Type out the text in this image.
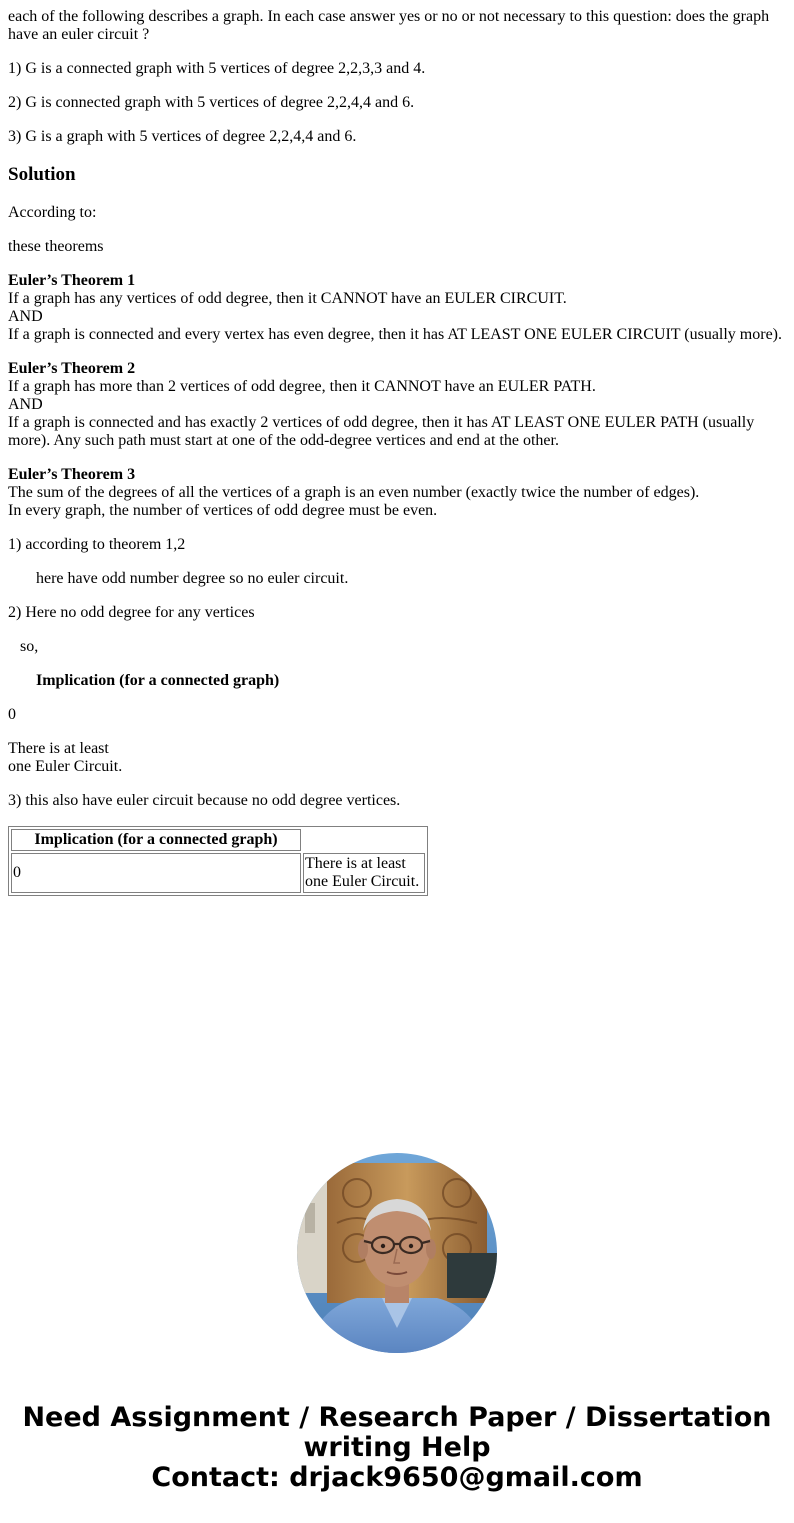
each of the following describes a graph. In each case answer yes or no or not necessary to this question: does the graph have an euler circuit ?

1) G is a connected graph with 5 vertices of degree 2,2,3,3 and 4.

2) G is connected graph with 5 vertices of degree 2,2,4,4 and 6.

3) G is a graph with 5 vertices of degree 2,2,4,4 and 6.

Solution

According to:

these theorems

Euler’s Theorem 1
If a graph has any vertices of odd degree, then it CANNOT have an EULER CIRCUIT.
AND
If a graph is connected and every vertex has even degree, then it has AT LEAST ONE EULER CIRCUIT (usually more).
Euler’s Theorem 2
If a graph has more than 2 vertices of odd degree, then it CANNOT have an EULER PATH.
AND
If a graph is connected and has exactly 2 vertices of odd degree, then it has AT LEAST ONE EULER PATH (usually more). Any such path must start at one of the odd-degree vertices and end at the other.
Euler’s Theorem 3
The sum of the degrees of all the vertices of a graph is an even number (exactly twice the number of edges).
In every graph, the number of vertices of odd degree must be even.

1) according to theorem 1,2

here have odd number degree so no euler circuit.

2) Here no odd degree for any vertices

so,

Implication (for a connected graph)

0

There is at least
one Euler Circuit.

3) this also have euler circuit because no odd degree vertices.

Implication (for a connected graph)	
0	There is at least
one Euler Circuit.
Need Assignment / Research Paper / Dissertation
writing Help
Contact: drjack9650@gmail.com
